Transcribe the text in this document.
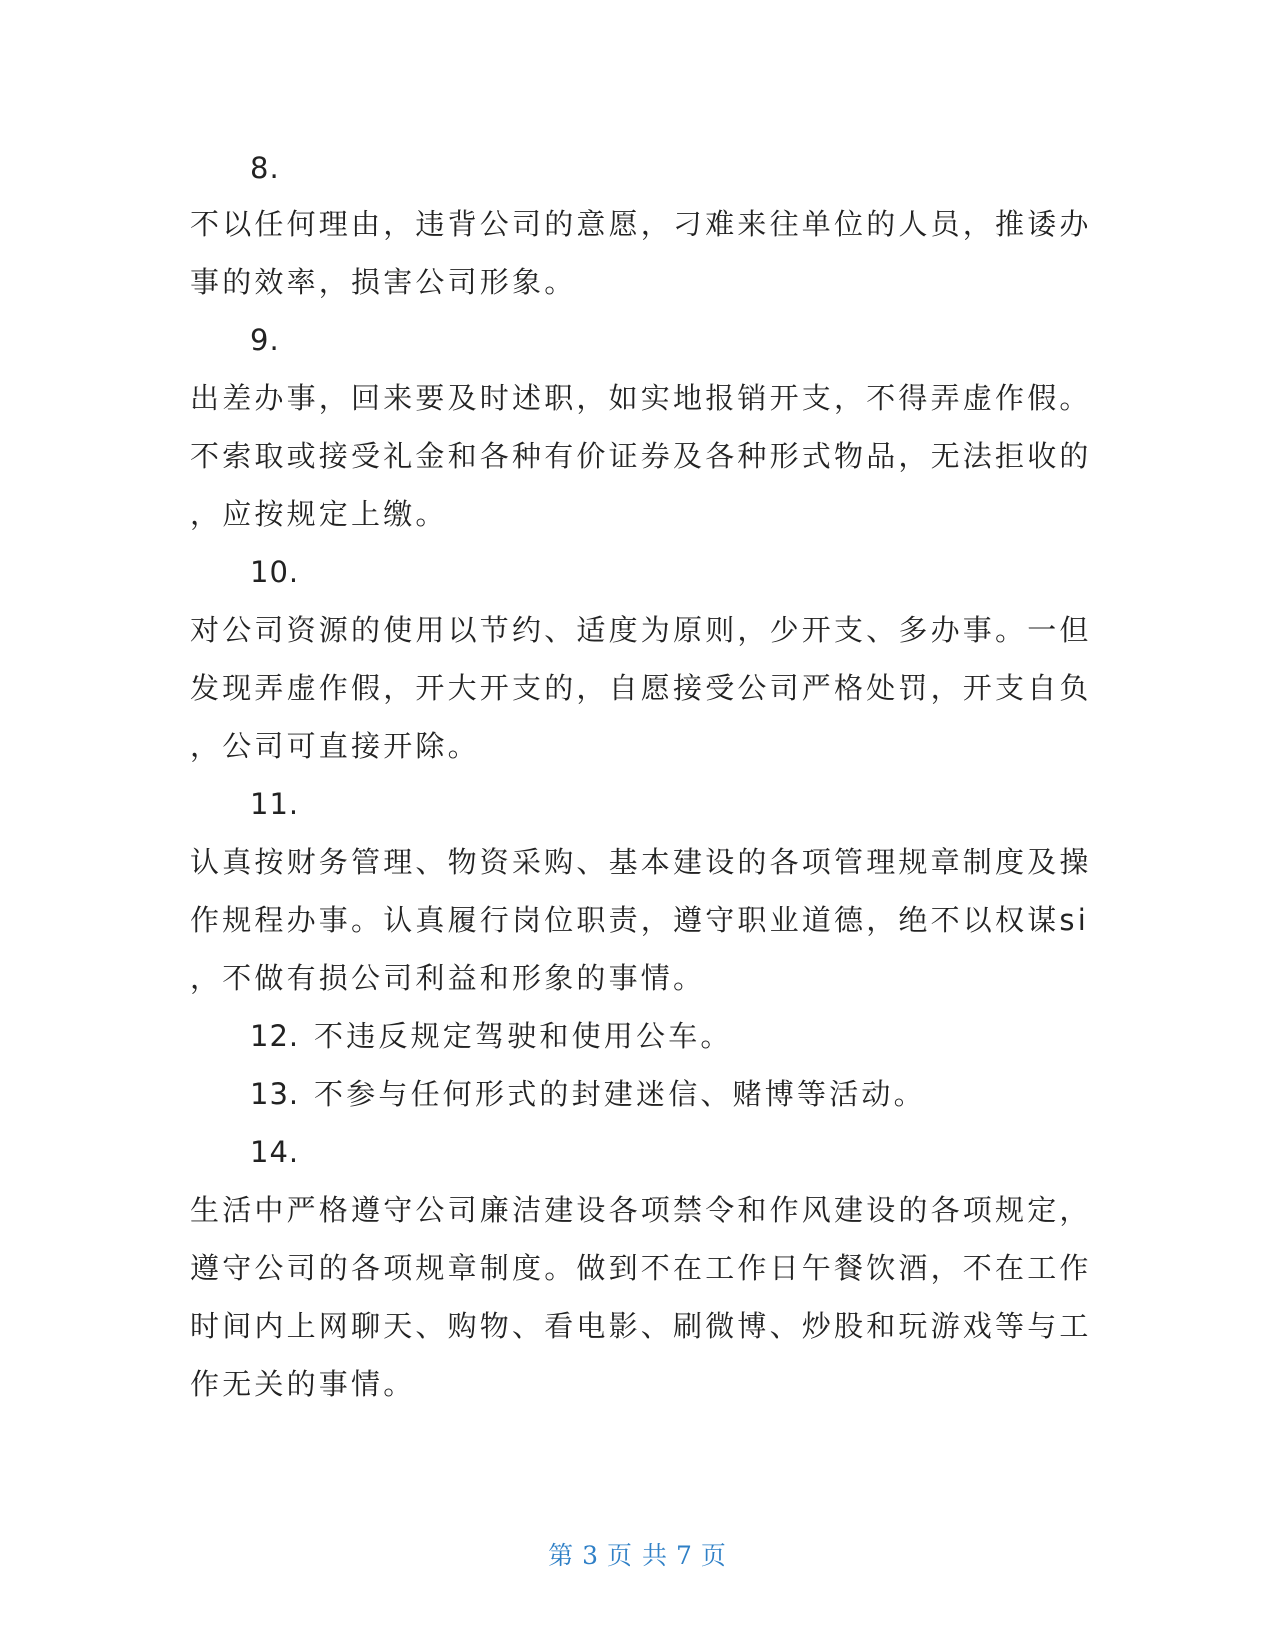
8.
不以任何理由，违背公司的意愿，刁难来往单位的人员，推诿办
事的效率，损害公司形象。
9.
出差办事，回来要及时述职，如实地报销开支，不得弄虚作假。
不索取或接受礼金和各种有价证券及各种形式物品，无法拒收的
，应按规定上缴。
10.
对公司资源的使用以节约、适度为原则，少开支、多办事。一但
发现弄虚作假，开大开支的，自愿接受公司严格处罚，开支自负
，公司可直接开除。
11.
认真按财务管理、物资采购、基本建设的各项管理规章制度及操
作规程办事。认真履行岗位职责，遵守职业道德，绝不以权谋si
，不做有损公司利益和形象的事情。
12. 不违反规定驾驶和使用公车。
13. 不参与任何形式的封建迷信、赌博等活动。
14.
生活中严格遵守公司廉洁建设各项禁令和作风建设的各项规定，
遵守公司的各项规章制度。做到不在工作日午餐饮酒，不在工作
时间内上网聊天、购物、看电影、刷微博、炒股和玩游戏等与工
作无关的事情。
第 3 页 共 7 页
